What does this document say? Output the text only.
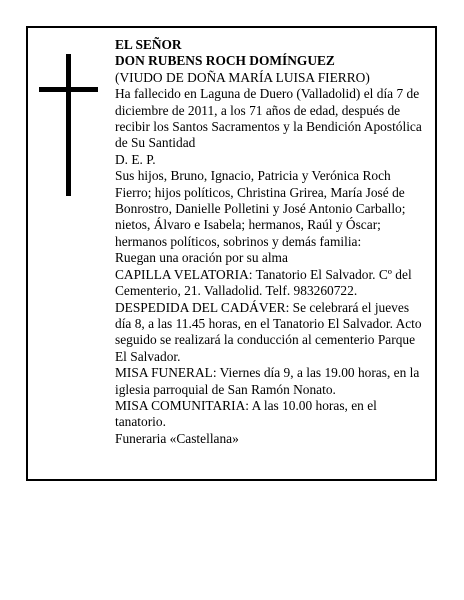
EL SEÑOR

DON RUBENS ROCH DOMÍNGUEZ

(VIUDO DE DOÑA MARÍA LUISA FIERRO)

Ha fallecido en Laguna de Duero (Valladolid) el día 7 de diciembre de 2011, a los 71 años de edad, después de recibir los Santos Sacramentos y la Bendición Apostólica de Su Santidad

D. E. P.

Sus hijos, Bruno, Ignacio, Patricia y Verónica Roch Fierro; hijos políticos, Christina Grirea, María José de Bonrostro, Danielle Polletini y José Antonio Carballo; nietos, Álvaro e Isabela; hermanos, Raúl y Óscar; hermanos políticos, sobrinos y demás familia:

Ruegan una oración por su alma

CAPILLA VELATORIA: Tanatorio El Salvador. Cº del Cementerio, 21. Valladolid. Telf. 983260722.

DESPEDIDA DEL CADÁVER: Se celebrará el jueves día 8, a las 11.45 horas, en el Tanatorio El Salvador. Acto seguido se realizará la conducción al cementerio Parque El Salvador.

MISA FUNERAL: Viernes día 9, a las 19.00 horas, en la iglesia parroquial de San Ramón Nonato.

MISA COMUNITARIA: A las 10.00 horas, en el tanatorio.

Funeraria «Castellana»
